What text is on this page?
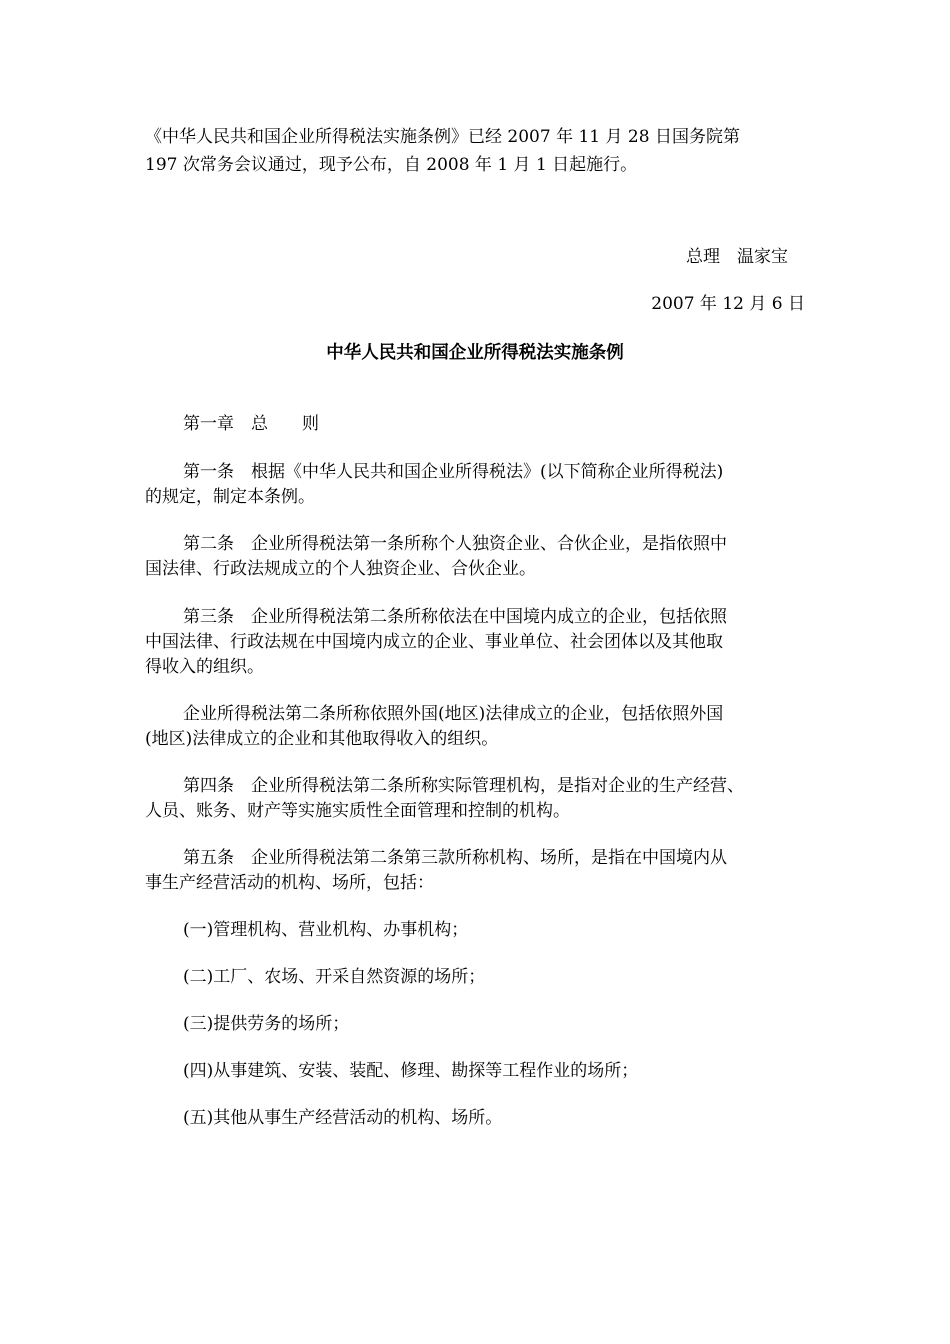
《中华人民共和国企业所得税法实施条例》已经 2007 年 11 月 28 日国务院第
197 次常务会议通过，现予公布，自 2008 年 1 月 1 日起施行。
总理　温家宝
2007 年 12 月 6 日
中华人民共和国企业所得税法实施条例
第一章　总　　则
第一条　根据《中华人民共和国企业所得税法》(以下简称企业所得税法)
的规定，制定本条例。
第二条　企业所得税法第一条所称个人独资企业、合伙企业，是指依照中
国法律、行政法规成立的个人独资企业、合伙企业。
第三条　企业所得税法第二条所称依法在中国境内成立的企业，包括依照
中国法律、行政法规在中国境内成立的企业、事业单位、社会团体以及其他取
得收入的组织。
企业所得税法第二条所称依照外国(地区)法律成立的企业，包括依照外国
(地区)法律成立的企业和其他取得收入的组织。
第四条　企业所得税法第二条所称实际管理机构，是指对企业的生产经营、
人员、账务、财产等实施实质性全面管理和控制的机构。
第五条　企业所得税法第二条第三款所称机构、场所，是指在中国境内从
事生产经营活动的机构、场所，包括：
(一)管理机构、营业机构、办事机构；
(二)工厂、农场、开采自然资源的场所；
(三)提供劳务的场所；
(四)从事建筑、安装、装配、修理、勘探等工程作业的场所；
(五)其他从事生产经营活动的机构、场所。
